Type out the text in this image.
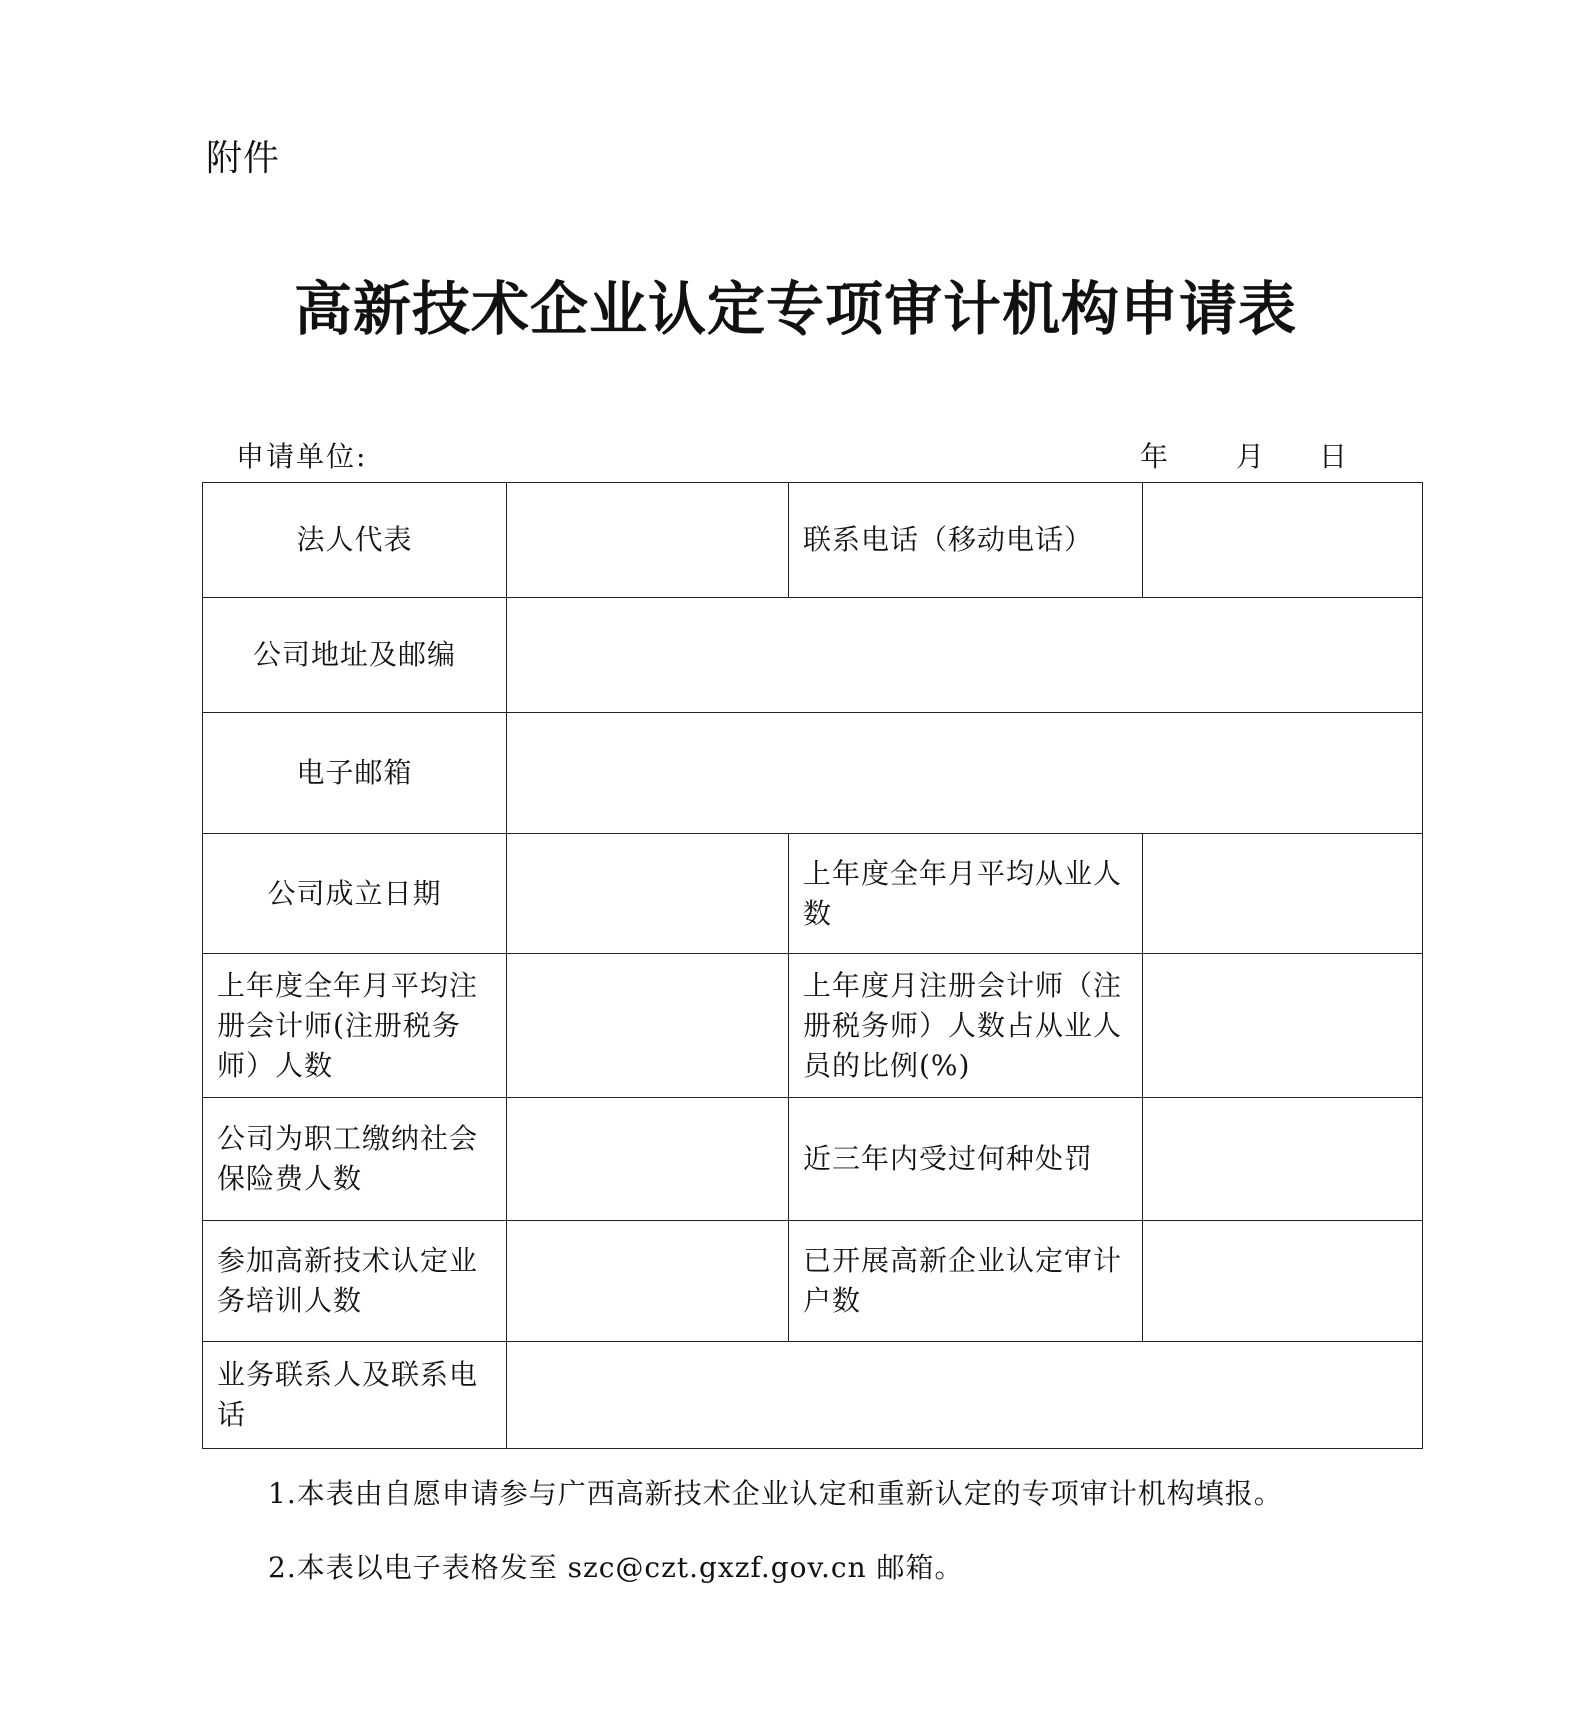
附件
高新技术企业认定专项审计机构申请表
申请单位:	年 月 日
法人代表		联系电话（移动电话）	
公司地址及邮编			
电子邮箱			
公司成立日期		上年度全年月平均从业人数	
上年度全年月平均注册会计师(注册税务师）人数		上年度月注册会计师（注册税务师）人数占从业人员的比例(%)	
公司为职工缴纳社会保险费人数		近三年内受过何种处罚	
参加高新技术认定业务培训人数		已开展高新企业认定审计户数	
业务联系人及联系电话			
1.本表由自愿申请参与广西高新技术企业认定和重新认定的专项审计机构填报。
2.本表以电子表格发至 szc@czt.gxzf.gov.cn 邮箱。
